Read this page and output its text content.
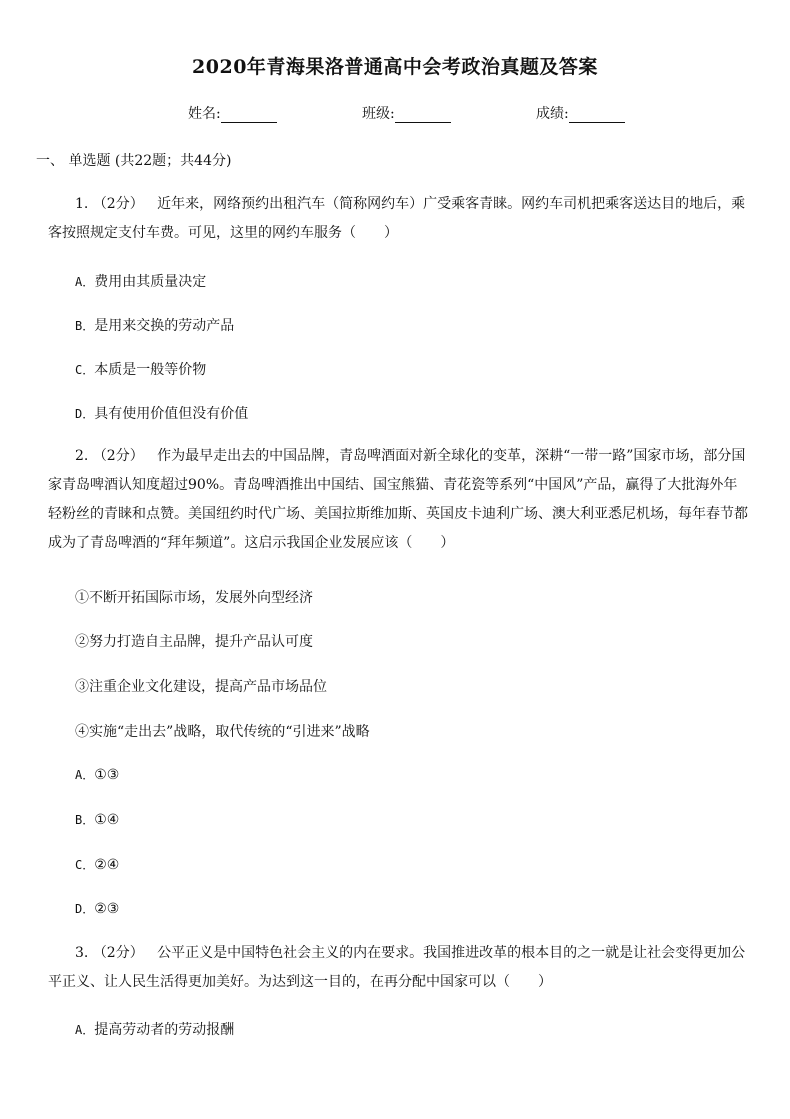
2020年青海果洛普通高中会考政治真题及答案
姓名:	班级:	成绩:
一、 单选题 (共22题；共44分)

1. （2分） 近年来，网络预约出租汽车（简称网约车）广受乘客青睐。网约车司机把乘客送达目的地后，乘客按照规定支付车费。可见，这里的网约车服务（　　）

A．费用由其质量决定
B．是用来交换的劳动产品
C．本质是一般等价物
D．具有使用价值但没有价值

2. （2分） 作为最早走出去的中国品牌，青岛啤酒面对新全球化的变革，深耕“一带一路”国家市场，部分国家青岛啤酒认知度超过90%。青岛啤酒推出中国结、国宝熊猫、青花瓷等系列“中国风”产品，赢得了大批海外年轻粉丝的青睐和点赞。美国纽约时代广场、美国拉斯维加斯、英国皮卡迪利广场、澳大利亚悉尼机场，每年春节都成为了青岛啤酒的“拜年频道”。这启示我国企业发展应该（　　）

①不断开拓国际市场，发展外向型经济
②努力打造自主品牌，提升产品认可度
③注重企业文化建设，提高产品市场品位
④实施“走出去”战略，取代传统的“引进来”战略
A．①③
B．①④
C．②④
D．②③

3. （2分） 公平正义是中国特色社会主义的内在要求。我国推进改革的根本目的之一就是让社会变得更加公平正义、让人民生活得更加美好。为达到这一目的，在再分配中国家可以（　　）

A．提高劳动者的劳动报酬
